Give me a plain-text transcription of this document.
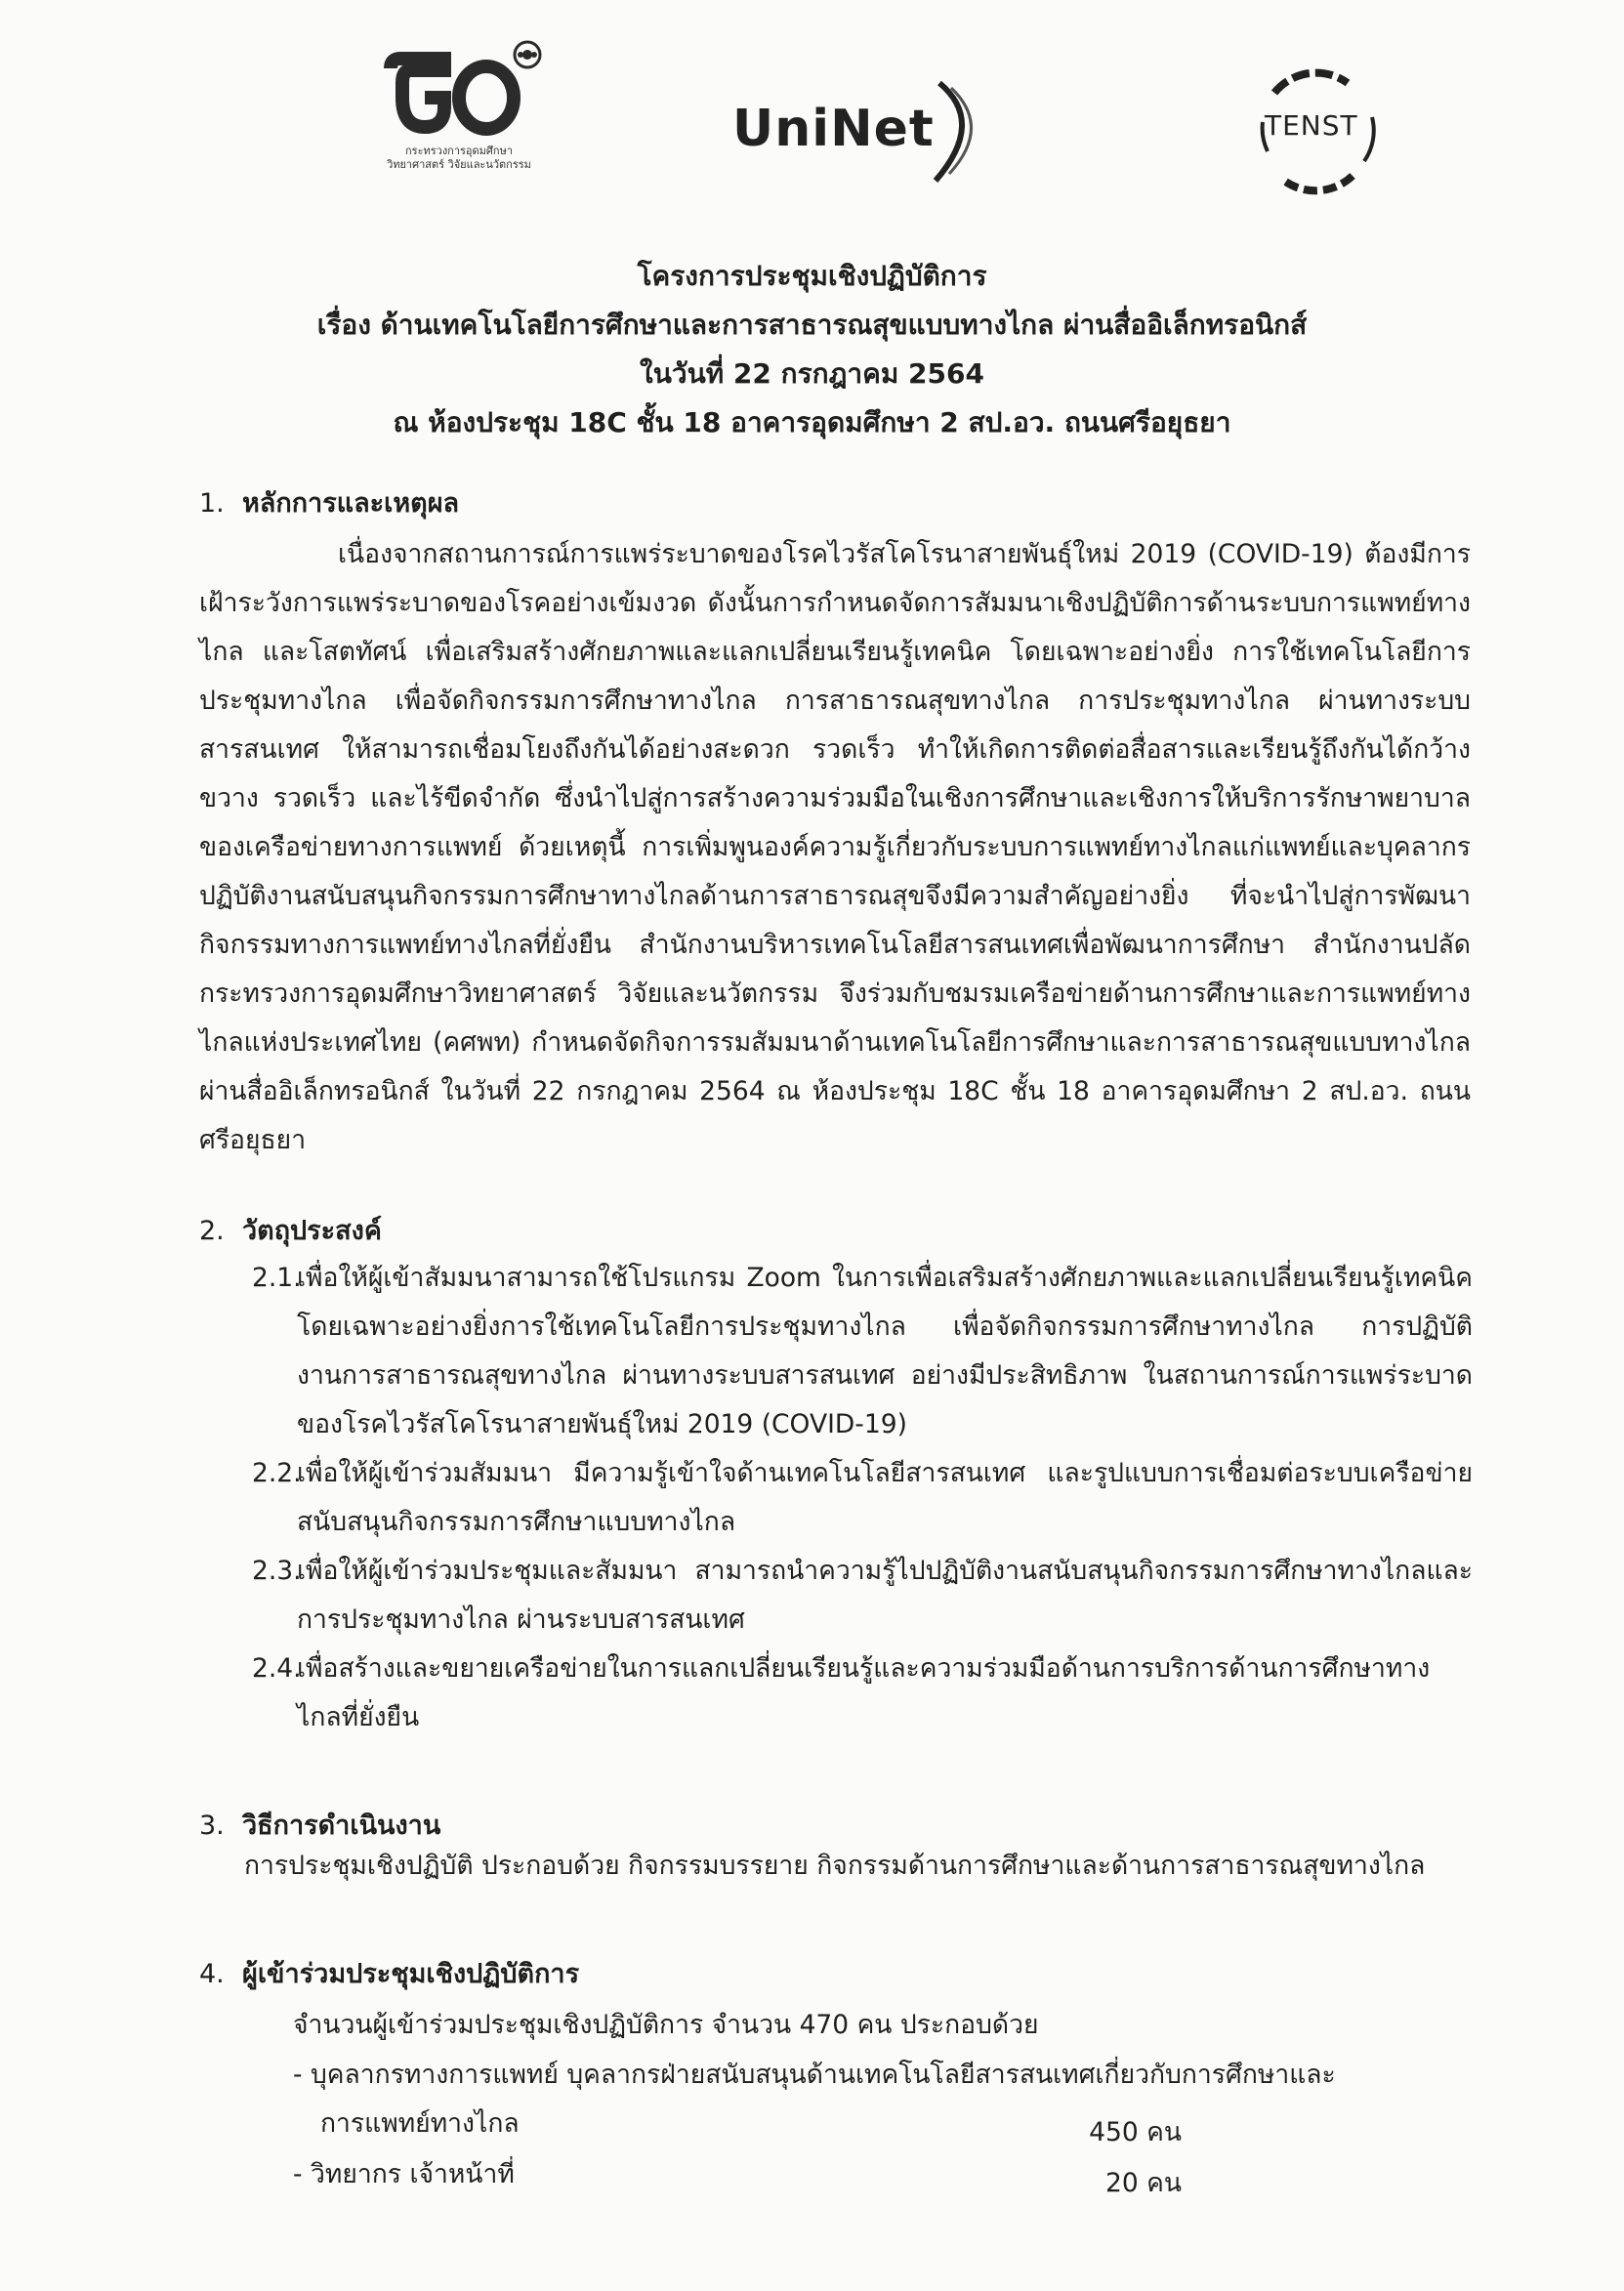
กระทรวงการอุดมศึกษา
วิทยาศาสตร์ วิจัยและนวัตกรรม
UniNet	TENST
โครงการประชุมเชิงปฏิบัติการ
เรื่อง ด้านเทคโนโลยีการศึกษาและการสาธารณสุขแบบทางไกล ผ่านสื่ออิเล็กทรอนิกส์
ในวันที่ 22 กรกฎาคม 2564
ณ ห้องประชุม 18C ชั้น 18 อาคารอุดมศึกษา 2 สป.อว. ถนนศรีอยุธยา
1. หลักการและเหตุผล
เนื่องจากสถานการณ์การแพร่ระบาดของโรคไวรัสโคโรนาสายพันธุ์ใหม่ 2019 (COVID-19) ต้องมีการเฝ้าระวังการแพร่ระบาดของโรคอย่างเข้มงวด ดังนั้นการกำหนดจัดการสัมมนาเชิงปฏิบัติการด้านระบบการแพทย์ทางไกล และโสตทัศน์ เพื่อเสริมสร้างศักยภาพและแลกเปลี่ยนเรียนรู้เทคนิค โดยเฉพาะอย่างยิ่ง การใช้เทคโนโลยีการประชุมทางไกล เพื่อจัดกิจกรรมการศึกษาทางไกล การสาธารณสุขทางไกล การประชุมทางไกล ผ่านทางระบบสารสนเทศ ให้สามารถเชื่อมโยงถึงกันได้อย่างสะดวก รวดเร็ว ทำให้เกิดการติดต่อสื่อสารและเรียนรู้ถึงกันได้กว้างขวาง รวดเร็ว และไร้ขีดจำกัด ซึ่งนำไปสู่การสร้างความร่วมมือในเชิงการศึกษาและเชิงการให้บริการรักษาพยาบาลของเครือข่ายทางการแพทย์ ด้วยเหตุนี้ การเพิ่มพูนองค์ความรู้เกี่ยวกับระบบการแพทย์ทางไกลแก่แพทย์และบุคลากรปฏิบัติงานสนับสนุนกิจกรรมการศึกษาทางไกลด้านการสาธารณสุขจึงมีความสำคัญอย่างยิ่ง ที่จะนำไปสู่การพัฒนากิจกรรมทางการแพทย์ทางไกลที่ยั่งยืน สำนักงานบริหารเทคโนโลยีสารสนเทศเพื่อพัฒนาการศึกษา สำนักงานปลัดกระทรวงการอุดมศึกษาวิทยาศาสตร์ วิจัยและนวัตกรรม จึงร่วมกับชมรมเครือข่ายด้านการศึกษาและการแพทย์ทางไกลแห่งประเทศไทย (คศพท) กำหนดจัดกิจการรมสัมมนาด้านเทคโนโลยีการศึกษาและการสาธารณสุขแบบทางไกล ผ่านสื่ออิเล็กทรอนิกส์ ในวันที่ 22 กรกฎาคม 2564 ณ ห้องประชุม 18C ชั้น 18 อาคารอุดมศึกษา 2 สป.อว. ถนนศรีอยุธยา
2. วัตถุประสงค์
2.1.
เพื่อให้ผู้เข้าสัมมนาสามารถใช้โปรแกรม Zoom ในการเพื่อเสริมสร้างศักยภาพและแลกเปลี่ยนเรียนรู้เทคนิค โดยเฉพาะอย่างยิ่งการใช้เทคโนโลยีการประชุมทางไกล เพื่อจัดกิจกรรมการศึกษาทางไกล การปฏิบัติงานการสาธารณสุขทางไกล ผ่านทางระบบสารสนเทศ อย่างมีประสิทธิภาพ ในสถานการณ์การแพร่ระบาดของโรคไวรัสโคโรนาสายพันธุ์ใหม่ 2019 (COVID-19)
2.2.
เพื่อให้ผู้เข้าร่วมสัมมนา มีความรู้เข้าใจด้านเทคโนโลยีสารสนเทศ และรูปแบบการเชื่อมต่อระบบเครือข่ายสนับสนุนกิจกรรมการศึกษาแบบทางไกล
2.3.
เพื่อให้ผู้เข้าร่วมประชุมและสัมมนา สามารถนำความรู้ไปปฏิบัติงานสนับสนุนกิจกรรมการศึกษาทางไกลและการประชุมทางไกล ผ่านระบบสารสนเทศ
2.4.
เพื่อสร้างและขยายเครือข่ายในการแลกเปลี่ยนเรียนรู้และความร่วมมือด้านการบริการด้านการศึกษาทางไกลที่ยั่งยืน
3. วิธีการดำเนินงาน
การประชุมเชิงปฏิบัติ ประกอบด้วย กิจกรรมบรรยาย กิจกรรมด้านการศึกษาและด้านการสาธารณสุขทางไกล
4. ผู้เข้าร่วมประชุมเชิงปฏิบัติการ
จำนวนผู้เข้าร่วมประชุมเชิงปฏิบัติการ จำนวน 470 คน ประกอบด้วย
- บุคลากรทางการแพทย์ บุคลากรฝ่ายสนับสนุนด้านเทคโนโลยีสารสนเทศเกี่ยวกับการศึกษาและ
การแพทย์ทางไกล	450 คน
- วิทยากร เจ้าหน้าที่	20 คน
